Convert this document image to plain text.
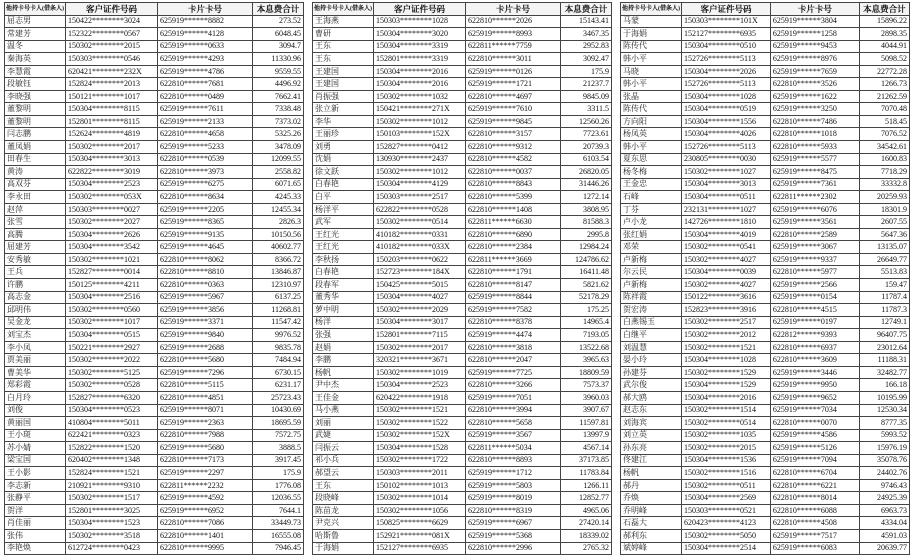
他持卡号卡人(借条人)	客户证件号码	卡片卡号	本息费合计
屈志男	150422********3024	625919******8882	273.52
常建芳	152322********0567	625919******4128	6048.45
温冬	150302********2015	625919******0633	3094.7
秦海英	150303********0546	625919******4293	11330.96
李慧霞	620421********232X	625919******4786	9559.55
段敏钰	152824********2013	622810******7681	4496.92
李晓强	150121********1017	622810******0489	7662.41
董黎明	150304********8115	625919******7611	7338.48
董黎明	152801********8115	625919******2133	7373.02
闫志鹏	152624********4819	622810******4658	5325.26
董凤娟	150302********2017	625919******5233	3478.09
田春生	150304********3013	622810******0539	12099.55
黄涛	622822********3019	622810******3973	2558.82
高双芬	150304********2523	625919******6275	6071.65
李永田	150302********053X	622810******8634	4245.33
赵萍	150303********0027	625919******2205	12455.34
张雪	150302********2027	625919******8365	2826.3
高腾	150304********2626	625919******9135	10150.56
屈建芳	150304********3542	625919******4645	40602.77
安秀敏	150302********1021	622810******8062	8366.72
王兵	152827********0014	622810******8810	13846.87
许鹏	150125********4211	622810******0363	12310.97
高志金	150304********2516	625919******5967	6137.25
邱明伟	150302********0560	625919******3856	11268.81
吴金龙	150302********1017	625919******3371	11547.42
刘宝杰	150304********0515	625919******9840	9976.52
李小凤	150221********2927	625919******2688	9835.78
贾美丽	150302********2022	622810******5680	7484.94
曹美华	150302********5125	625919******7296	6730.15
郑彩霞	150302********0528	622810******5115	6231.17
白月玲	152827********6320	622810******4851	25723.43
刘俊	150304********0523	625919******8071	10430.69
黄丽国	410804********5011	625919******2363	18695.59
王小斑	622421********0323	622810******7988	7572.75
苏小婧	152822********1520	625919******5680	3888.5
梁宝国	620402********1348	622810******7173	3917.45
王小影	152824********1521	625919******2297	175.9
李志新	210921********9310	622811******2232	1776.08
张静平	150302********1517	625919******4592	12036.55
贺洋	152801********3025	625919******6952	7644.1
肖佳丽	150304********1523	622810******7086	33449.73
张伟	150302********3518	622810******1401	16555.08
李艳焕	612724********0423	622810******9995	7946.45
他持卡号卡人(借条人)	客户证件号码	卡片卡号	本息费合计
王海燕	150303********1028	622810******2026	15143.41
曹研	150304********3020	625919******8993	3467.35
王东	150304********3319	622811******7759	2952.83
王东	152801********3319	622810******3011	3092.47
王建国	150304********2016	625919******0126	175.9
王建国	150304********2016	625919******1721	21237.7
肖振强	150302********1032	622810******4697	9845.09
张立新	150421********271X	625919******7610	3311.5
李华	150302********1012	625919******9845	12560.26
王丽珍	150103********152X	622810******3157	7723.61
刘勇	152827********0412	622810******9312	20739.3
沈娟	130930********2437	622810******4582	6103.54
徐文跃	150302********1012	622810******0037	26820.05
白春艳	150304********4129	622810******8843	31446.26
白平	150303********2517	622810******5399	1272.14
杨洋平	622822********0528	622810******1408	3808.95
武军	150302********0514	622811******6630	81588.3
王红光	410182********0331	622810******6890	2995.8
王红光	410182********033X	622810******2384	12984.24
李秋扬	150203********0622	622811******3669	124786.62
白春艳	152723********184X	622810******1791	16411.48
段春军	150425********5015	622810******8147	5821.62
董秀华	150304********4027	625919******8844	52178.29
萝中明	150302********2029	625919******7582	175.25
杨洋	150304********3017	622810******8378	14965.4
张强	152801********7115	625919******4474	7193.05
赵娟	150302********2017	622810******3818	13522.68
李鹏	320321********3671	622810******2047	3965.63
杨帆	150302********1019	625919******7725	18809.59
尹中杰	150304********2523	622810******3266	7573.37
王佳金	620422********1918	625919******7051	3960.03
马小燕	150302********1521	622810******3994	3907.67
刘丽	150302********1522	622810******5658	11597.81
武婕	150302********152X	625919******3567	13997.9
闫振云	150304********1528	622811******5034	4567.14
祁小兵	150302********1722	622810******8893	37173.85
郝望云	150303********2011	625919******1712	11783.84
王东	150102********1013	625919******5803	1266.11
段晓峰	150302********1014	625919******8019	12852.77
陈苗龙	150302********1056	622810******8319	4965.06
尹克兴	150825********6629	625919******6967	27420.14
哈斯鲁	152921********081X	625919******5368	18339.02
于海娟	152127********6935	622810******2996	2765.32
他持卡号卡人(借条人)	客户证件号码	卡片卡号	本息费合计
马蒙	150303********101X	625919******3804	15896.22
于海娟	152127********6935	625919******1258	2898.35
陈传代	150304********0510	625919******9453	4044.91
韩小平	152726********5113	625919******8976	5098.52
马晓	150304********2026	625919******7659	22772.28
韩小平	152726********5113	622810******3526	1266.73
张晶	150304********1028	625919******1622	21262.59
陈传代	150304********0519	625919******3250	7070.48
方向阳	150304********1556	622810******7486	518.45
杨凤英	150304********4026	622810******1018	7076.52
韩小平	152726********5113	622810******5933	34542.61
夏东思	230805********0030	625919******5577	1600.83
杨冬梅	150302********1027	625919******8475	7718.29
王金忠	150304********3013	625919******7361	33332.8
石峰	150304********0511	622811******2302	20259.93
丁芬	232131********1027	625919******6076	18301.9
卢小龙	142726********1810	625919******3561	2607.55
张红娟	150304********4019	622810******2589	5647.36
邓荣	150302********0541	625919******3067	13135.07
卢新梅	150302********4027	625919******9337	26649.77
尔云民	150304********0039	622810******5977	5513.83
卢新梅	150302********4027	625919******2566	159.47
陈祥霞	150122********3616	625919******0154	11787.4
贺宏涛	152823********3916	622810******4515	11787.3
白燕锡玉	150302********2517	625919******0197	12749.1
白继平	150302********2012	622812******9393	96407.75
刘温慧	150302********1521	622810******6937	23012.64
晏小玲	150304********1028	622810******3609	11188.31
孙建芬	150302********1529	625919******3446	32482.77
武尔俊	150304********1529	625919******9950	166.18
郝大鸥	150304********2016	625919******9652	10195.99
赵志东	150302********1514	625919******7034	12530.34
刘海宾	150302********0514	622810******0070	8777.35
刘立英	150302********1035	625919******4586	5993.52
孙东亮	150302********2015	625919******5126	15976.19
佟建江	150304********1536	625919******7094	35078.76
杨帆	150302********1516	622810******6704	24402.76
郝丹	150302********0511	622810******6221	9746.43
乔焕	150304********2569	622810******8014	24925.39
乔明峰	150303********0521	622810******6088	6963.73
石磊大	620423********4123	622810******4508	4334.04
郝利东	150302********5050	625919******7517	4591.03
斌婷峰	150304********2514	625919******6083	20639.77
